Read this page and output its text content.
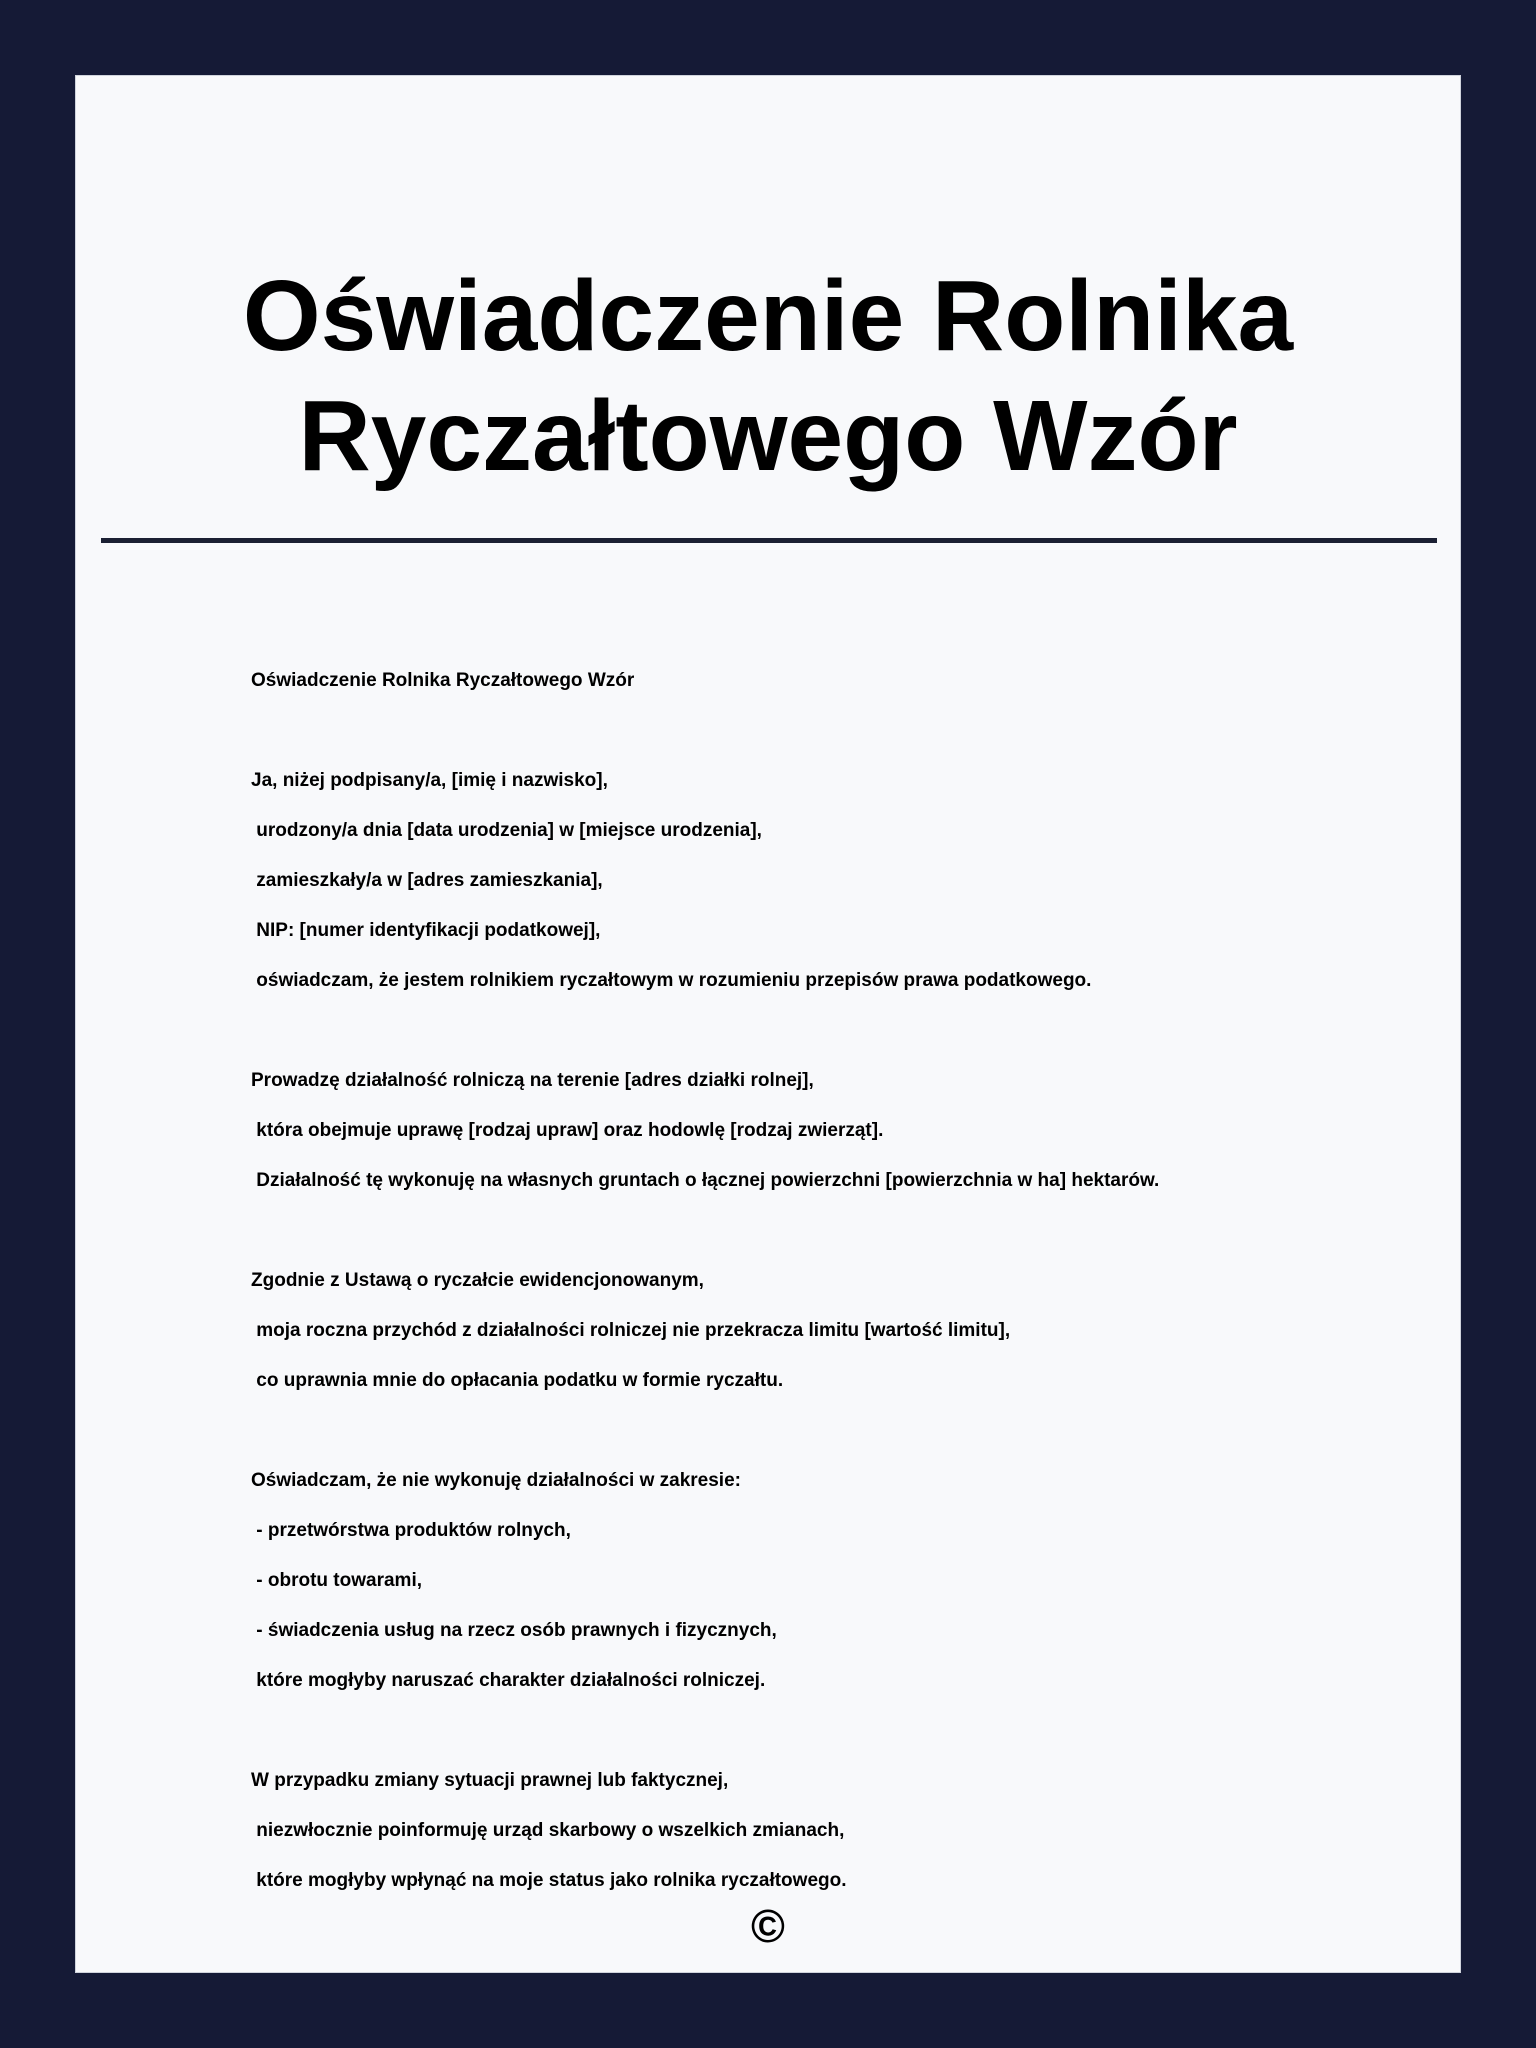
Oświadczenie Rolnika
Ryczałtowego Wzór
Oświadczenie Rolnika Ryczałtowego Wzór
Ja, niżej podpisany/a, [imię i nazwisko],
urodzony/a dnia [data urodzenia] w [miejsce urodzenia],
zamieszkały/a w [adres zamieszkania],
NIP: [numer identyfikacji podatkowej],
oświadczam, że jestem rolnikiem ryczałtowym w rozumieniu przepisów prawa podatkowego.
Prowadzę działalność rolniczą na terenie [adres działki rolnej],
która obejmuje uprawę [rodzaj upraw] oraz hodowlę [rodzaj zwierząt].
Działalność tę wykonuję na własnych gruntach o łącznej powierzchni [powierzchnia w ha] hektarów.
Zgodnie z Ustawą o ryczałcie ewidencjonowanym,
moja roczna przychód z działalności rolniczej nie przekracza limitu [wartość limitu],
co uprawnia mnie do opłacania podatku w formie ryczałtu.
Oświadczam, że nie wykonuję działalności w zakresie:
- przetwórstwa produktów rolnych,
- obrotu towarami,
- świadczenia usług na rzecz osób prawnych i fizycznych,
które mogłyby naruszać charakter działalności rolniczej.
W przypadku zmiany sytuacji prawnej lub faktycznej,
niezwłocznie poinformuję urząd skarbowy o wszelkich zmianach,
które mogłyby wpłynąć na moje status jako rolnika ryczałtowego.
©
